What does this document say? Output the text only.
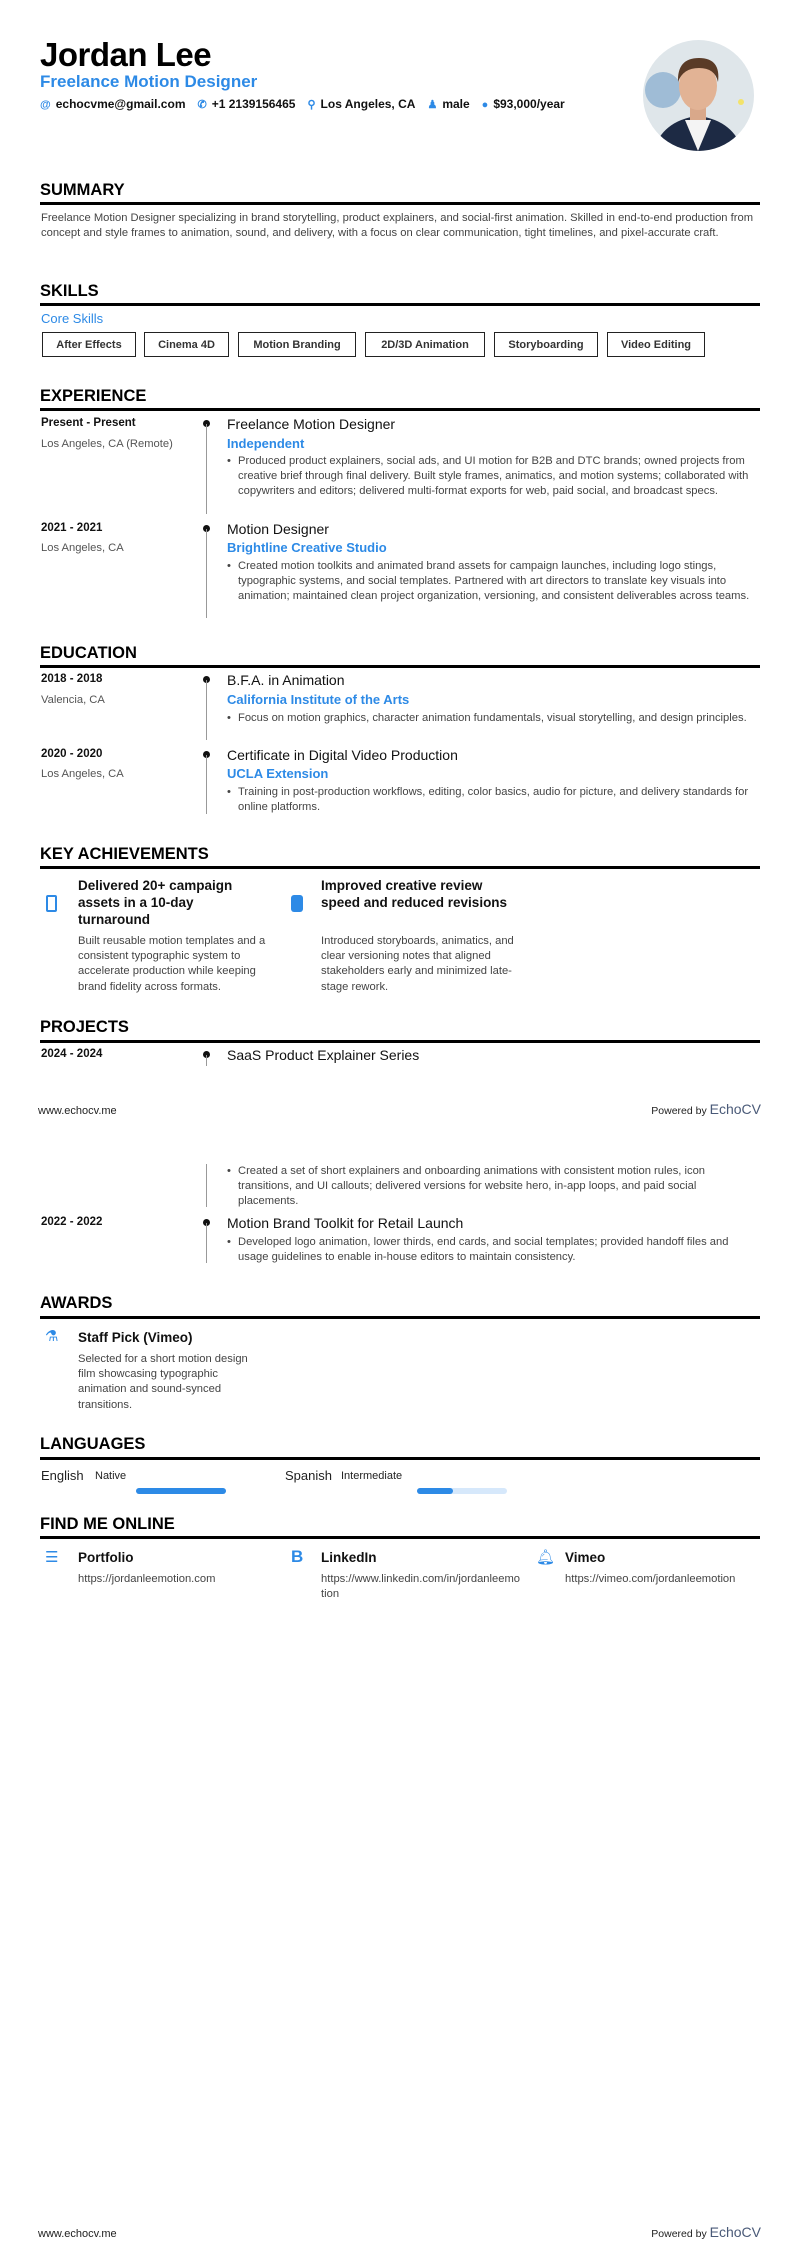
Jordan Lee
Freelance Motion Designer
@ echocvme@gmail.com ✆ +1 2139156465 ⚲ Los Angeles, CA ♟ male ● $93,000/year
SUMMARY
Freelance Motion Designer specializing in brand storytelling, product explainers, and social-first animation. Skilled in end-to-end production from concept and style frames to animation, sound, and delivery, with a focus on clear communication, tight timelines, and pixel-accurate craft.
SKILLS
Core Skills
After Effects	Cinema 4D	Motion Branding	2D/3D Animation	Storyboarding	Video Editing
EXPERIENCE
Present - Present
Los Angeles, CA (Remote)
Freelance Motion Designer
Independent
• Produced product explainers, social ads, and UI motion for B2B and DTC brands; owned projects from creative brief through final delivery. Built style frames, animatics, and motion systems; collaborated with copywriters and editors; delivered multi-format exports for web, paid social, and broadcast specs.
2021 - 2021
Los Angeles, CA
Motion Designer
Brightline Creative Studio
• Created motion toolkits and animated brand assets for campaign launches, including logo stings, typographic systems, and social templates. Partnered with art directors to translate key visuals into animation; maintained clean project organization, versioning, and consistent deliverables across teams.
EDUCATION
2018 - 2018
Valencia, CA
B.F.A. in Animation
California Institute of the Arts
• Focus on motion graphics, character animation fundamentals, visual storytelling, and design principles.
2020 - 2020
Los Angeles, CA
Certificate in Digital Video Production
UCLA Extension
• Training in post-production workflows, editing, color basics, audio for picture, and delivery standards for online platforms.
KEY ACHIEVEMENTS
Delivered 20+ campaign assets in a 10-day turnaround
Built reusable motion templates and a consistent typographic system to accelerate production while keeping brand fidelity across formats.
Improved creative review speed and reduced revisions
Introduced storyboards, animatics, and clear versioning notes that aligned stakeholders early and minimized late-stage rework.
PROJECTS
2024 - 2024	SaaS Product Explainer Series
• Created a set of short explainers and onboarding animations with consistent motion rules, icon transitions, and UI callouts; delivered versions for website hero, in-app loops, and paid social placements.
www.echocv.me	Powered by EchoCV
2022 - 2022	Motion Brand Toolkit for Retail Launch
• Developed logo animation, lower thirds, end cards, and social templates; provided handoff files and usage guidelines to enable in-house editors to maintain consistency.
AWARDS
⚗ Staff Pick (Vimeo)
Selected for a short motion design film showcasing typographic animation and sound-synced transitions.
LANGUAGES
English Native	Spanish Intermediate
FIND ME ONLINE
☰ Portfolio
https://jordanleemotion.com
B LinkedIn
https://www.linkedin.com/in/jordanleemotion
🔔︎ Vimeo
https://vimeo.com/jordanleemotion
www.echocv.me	Powered by EchoCV
